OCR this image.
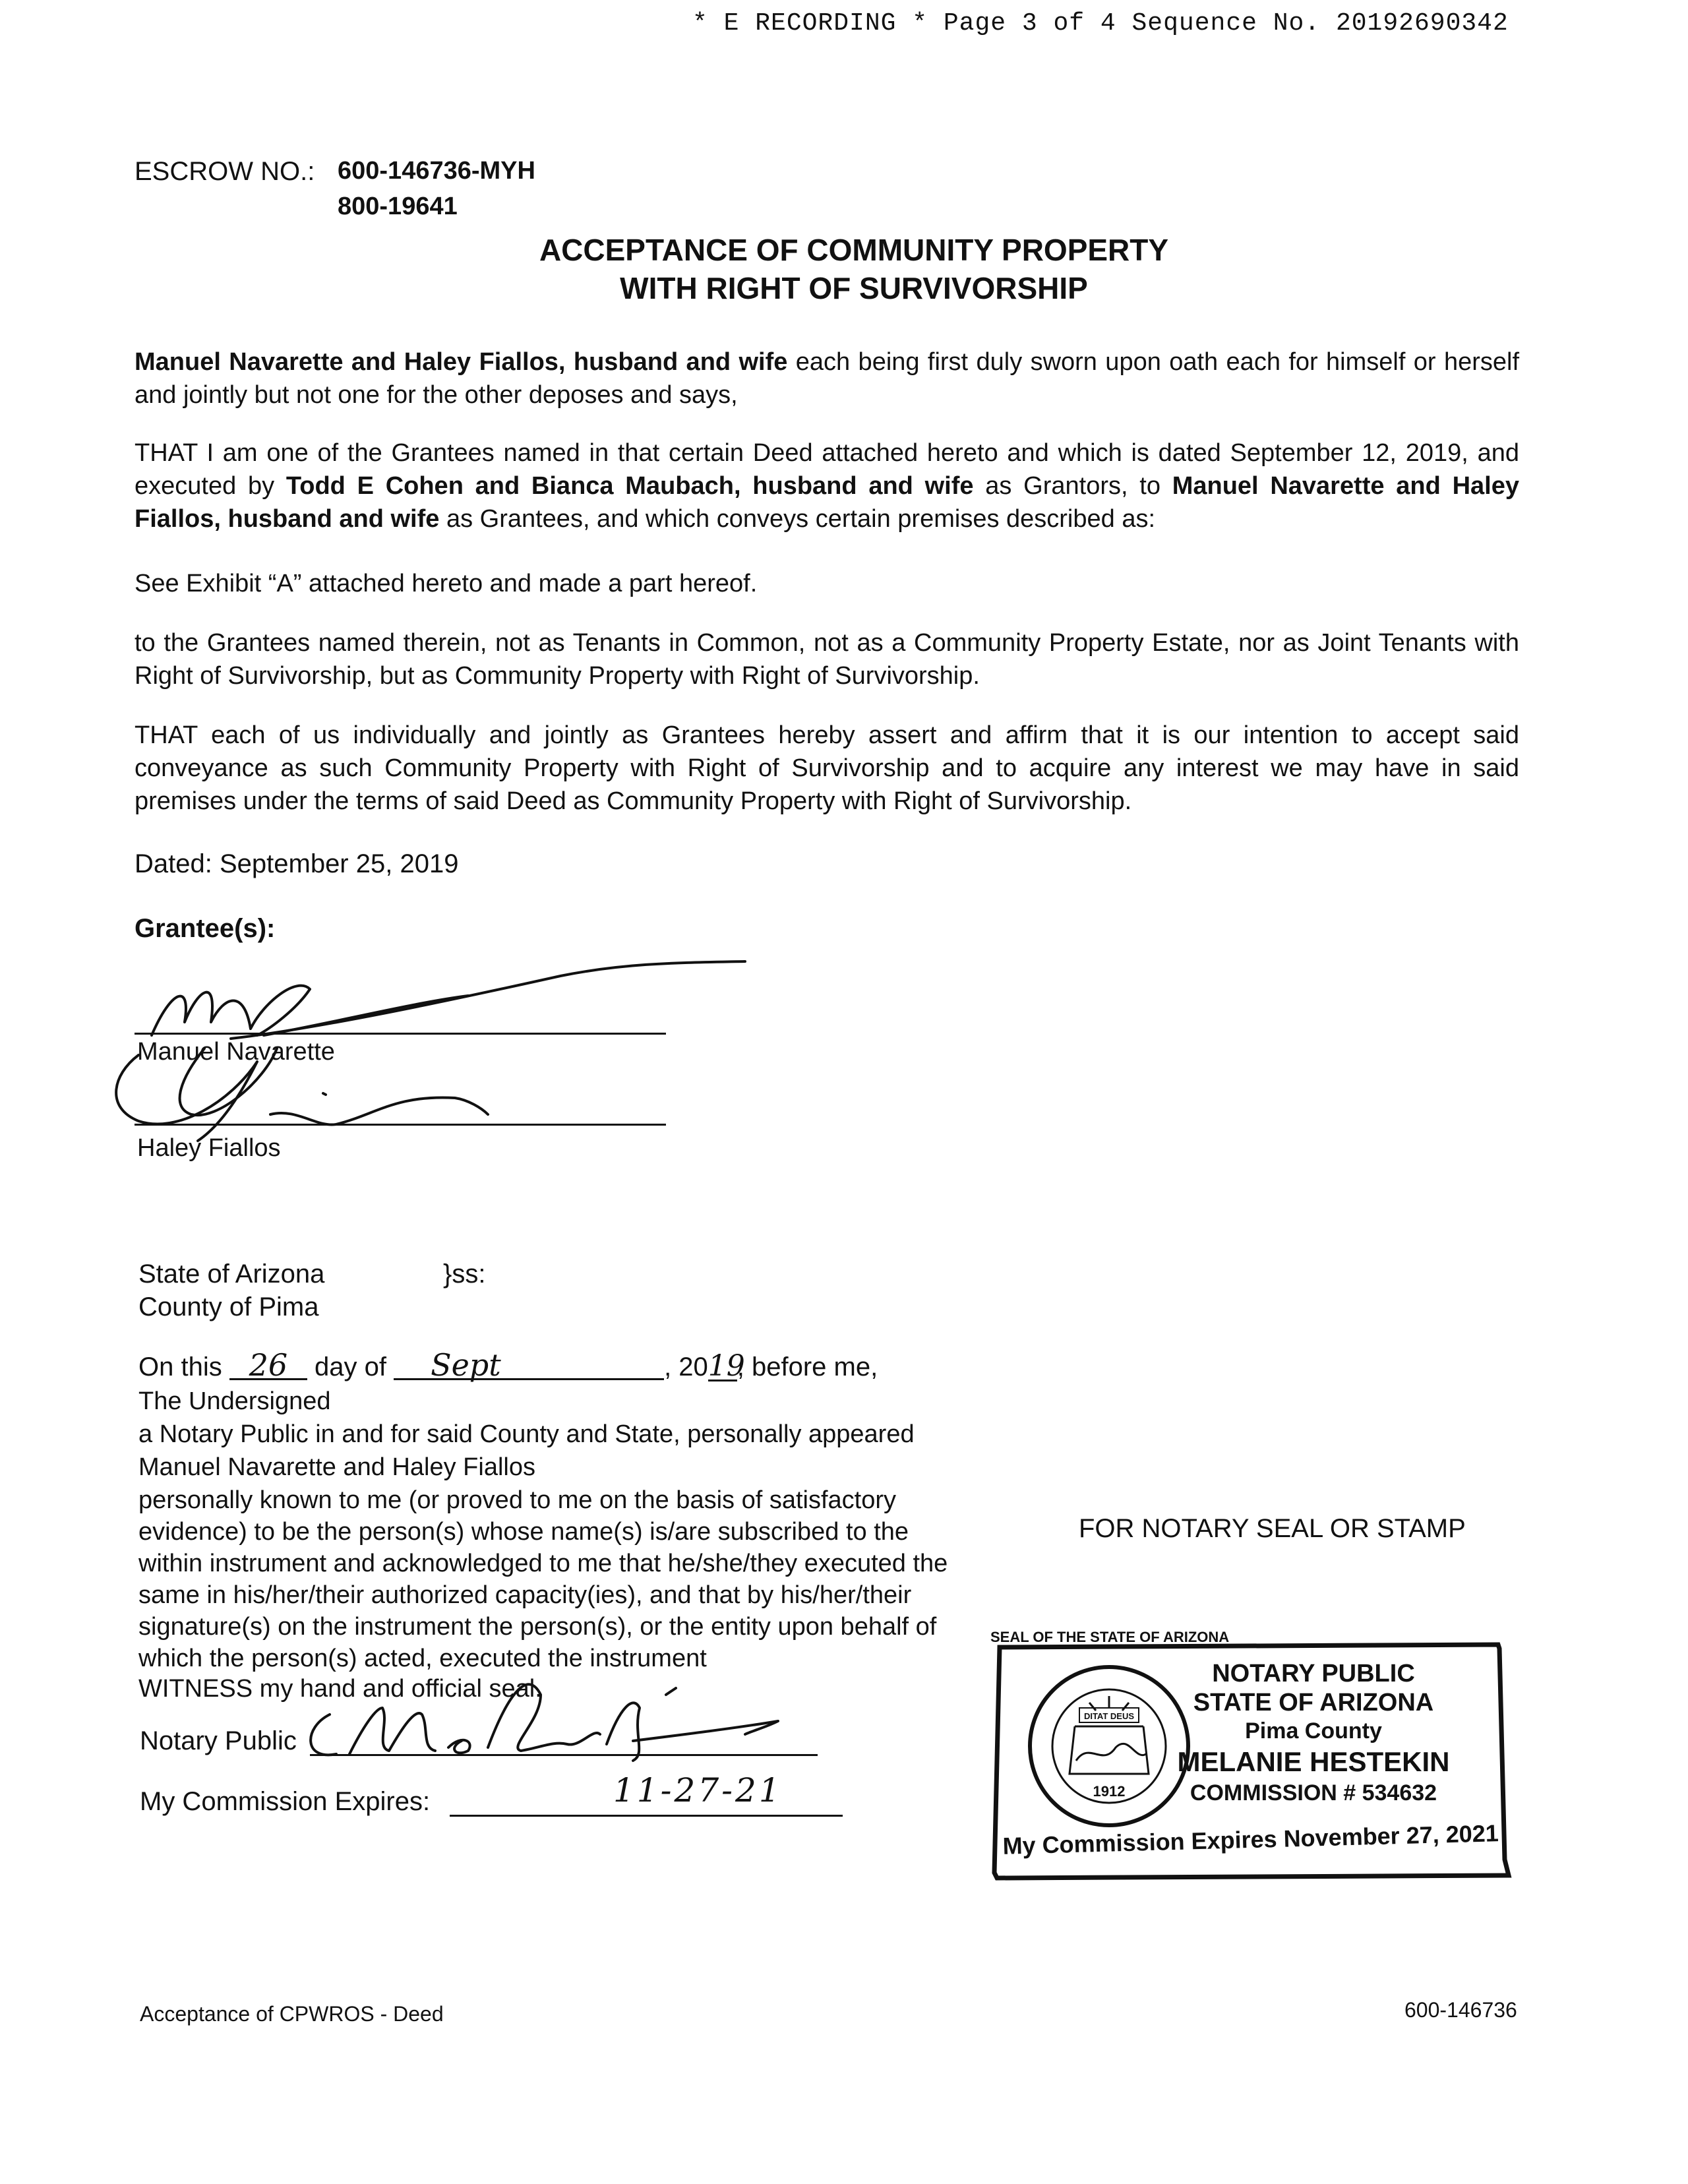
* E RECORDING * Page 3 of 4 Sequence No. 20192690342
ESCROW NO.: 600-146736-MYH
800-19641
ACCEPTANCE OF COMMUNITY PROPERTY
WITH RIGHT OF SURVIVORSHIP
Manuel Navarette and Haley Fiallos, husband and wife each being first duly sworn upon oath each for himself or herself and jointly but not one for the other deposes and says,
THAT I am one of the Grantees named in that certain Deed attached hereto and which is dated September 12, 2019, and executed by Todd E Cohen and Bianca Maubach, husband and wife as Grantors, to Manuel Navarette and Haley Fiallos, husband and wife as Grantees, and which conveys certain premises described as:
See Exhibit “A” attached hereto and made a part hereof.
to the Grantees named therein, not as Tenants in Common, not as a Community Property Estate, nor as Joint Tenants with Right of Survivorship, but as Community Property with Right of Survivorship.
THAT each of us individually and jointly as Grantees hereby assert and affirm that it is our intention to accept said conveyance as such Community Property with Right of Survivorship and to acquire any interest we may have in said premises under the terms of said Deed as Community Property with Right of Survivorship.
Dated: September 25, 2019
Grantee(s):
Manuel Navarette
Haley Fiallos
State of Arizona
County of Pima
}ss:
On this 26 day of Sept	, 2019, before me,
The Undersigned
a Notary Public in and for said County and State, personally appeared
Manuel Navarette and Haley Fiallos
personally known to me (or proved to me on the basis of satisfactory
evidence) to be the person(s) whose name(s) is/are subscribed to the
within instrument and acknowledged to me that he/she/they executed the
same in his/her/their authorized capacity(ies), and that by his/her/their
signature(s) on the instrument the person(s), or the entity upon behalf of
which the person(s) acted, executed the instrument
WITNESS my hand and official seal.
Notary Public
My Commission Expires:	11-27-21
FOR NOTARY SEAL OR STAMP
SEAL OF THE STATE OF ARIZONA
DITAT DEUS
1912
NOTARY PUBLIC
STATE OF ARIZONA
Pima County
MELANIE HESTEKIN
COMMISSION # 534632
My Commission Expires November 27, 2021
Acceptance of CPWROS - Deed	600-146736
